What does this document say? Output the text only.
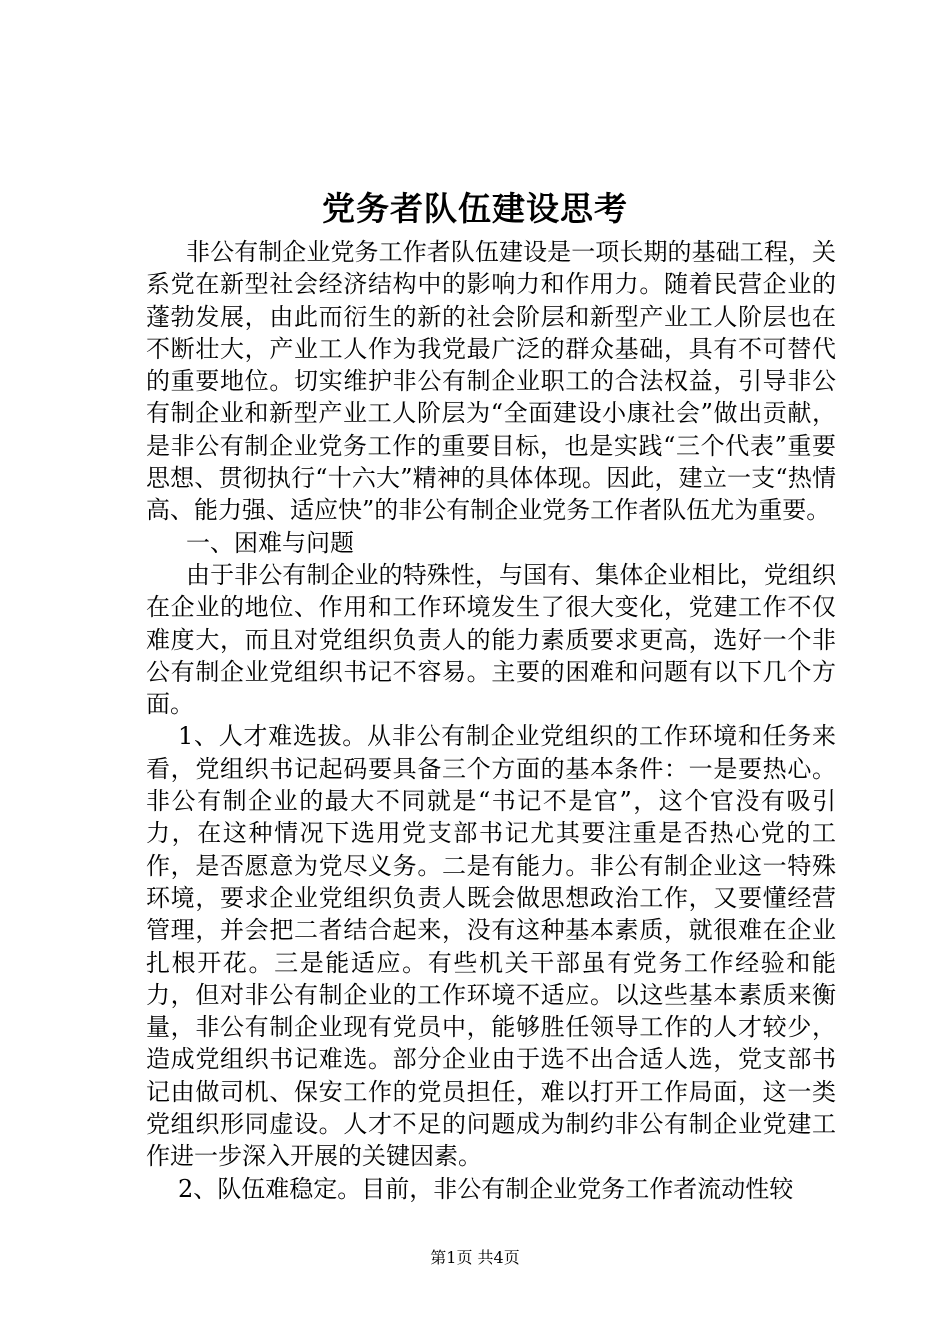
党务者队伍建设思考

非公有制企业党务工作者队伍建设是一项长期的基础工程，关系党在新型社会经济结构中的影响力和作用力。随着民营企业的蓬勃发展，由此而衍生的新的社会阶层和新型产业工人阶层也在不断壮大，产业工人作为我党最广泛的群众基础，具有不可替代的重要地位。切实维护非公有制企业职工的合法权益，引导非公有制企业和新型产业工人阶层为“全面建设小康社会”做出贡献，是非公有制企业党务工作的重要目标，也是实践“三个代表”重要思想、贯彻执行“十六大”精神的具体体现。因此，建立一支“热情高、能力强、适应快”的非公有制企业党务工作者队伍尤为重要。

一、困难与问题

由于非公有制企业的特殊性，与国有、集体企业相比，党组织在企业的地位、作用和工作环境发生了很大变化，党建工作不仅难度大，而且对党组织负责人的能力素质要求更高，选好一个非公有制企业党组织书记不容易。主要的困难和问题有以下几个方面。

1、人才难选拔。从非公有制企业党组织的工作环境和任务来看，党组织书记起码要具备三个方面的基本条件：一是要热心。非公有制企业的最大不同就是“书记不是官”，这个官没有吸引力，在这种情况下选用党支部书记尤其要注重是否热心党的工作，是否愿意为党尽义务。二是有能力。非公有制企业这一特殊环境，要求企业党组织负责人既会做思想政治工作，又要懂经营管理，并会把二者结合起来，没有这种基本素质，就很难在企业扎根开花。三是能适应。有些机关干部虽有党务工作经验和能力，但对非公有制企业的工作环境不适应。以这些基本素质来衡量，非公有制企业现有党员中，能够胜任领导工作的人才较少，造成党组织书记难选。部分企业由于选不出合适人选，党支部书记由做司机、保安工作的党员担任，难以打开工作局面，这一类党组织形同虚设。人才不足的问题成为制约非公有制企业党建工作进一步深入开展的关键因素。

2、队伍难稳定。目前，非公有制企业党务工作者流动性较

第1页 共4页
